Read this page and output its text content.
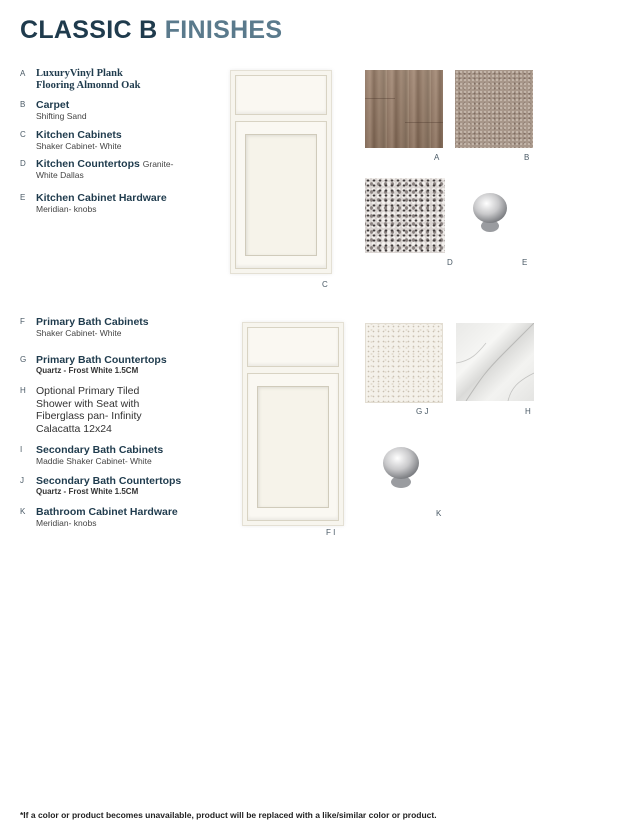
CLASSIC B FINISHES
A LuxuryVinyl Plank
Flooring Almonnd Oak
B Carpet
Shifting Sand
C Kitchen Cabinets
Shaker Cabinet- White
D Kitchen Countertops Granite-
White Dallas
E Kitchen Cabinet Hardware
Meridian- knobs
C
A	B
D	E
F Primary Bath Cabinets
Shaker Cabinet- White
G Primary Bath Countertops
Quartz - Frost White 1.5CM
H Optional Primary Tiled
Shower with Seat with
Fiberglass pan- Infinity
Calacatta 12x24
I Secondary Bath Cabinets
Maddie Shaker Cabinet- White
J Secondary Bath Countertops
Quartz - Frost White 1.5CM
K Bathroom Cabinet Hardware
Meridian- knobs
F I
G J	H
K
*If a color or product becomes unavailable, product will be replaced with a like/similar color or product.
